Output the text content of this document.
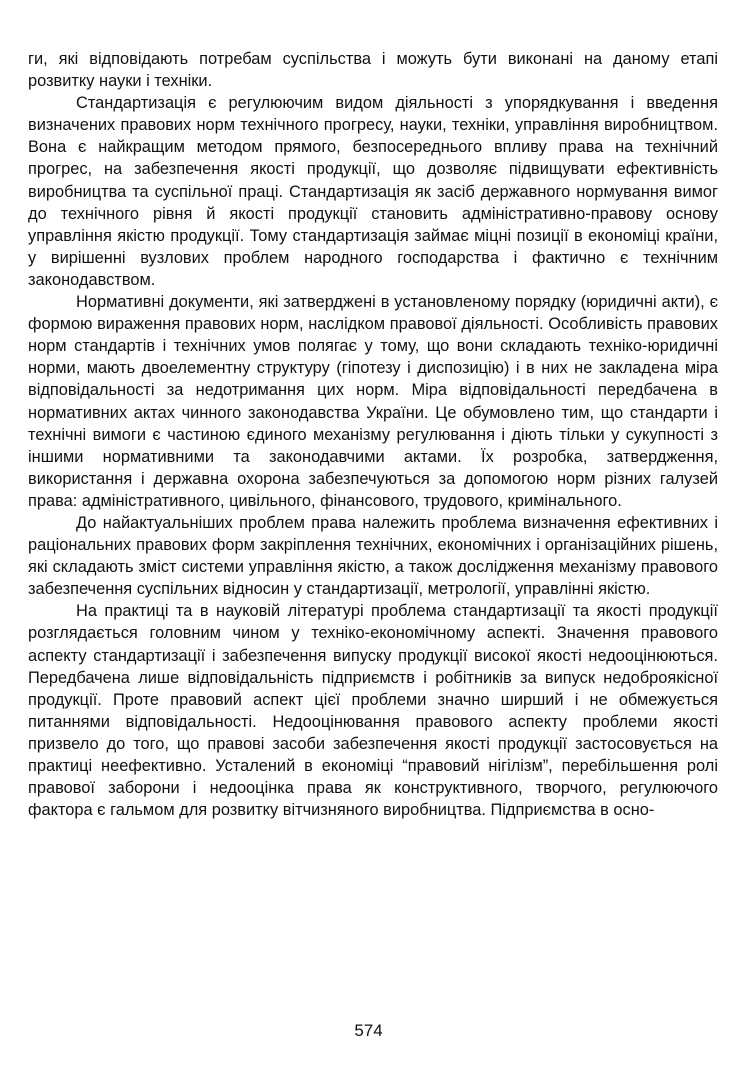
ги, які відповідають потребам суспільства і можуть бути виконані на даному етапі розвитку науки і техніки.

Стандартизація є регулюючим видом діяльності з упорядкування і введення визначених правових норм технічного прогресу, науки, техніки, управління виробництвом. Вона є найкращим методом прямого, безпосереднього впливу права на технічний прогрес, на забезпечення якості продукції, що дозволяє підвищувати ефективність виробництва та суспільної праці. Стандартизація як засіб державного нормування вимог до технічного рівня й якості продукції становить адміністративно-правову основу управління якістю продукції. Тому стандартизація займає міцні позиції в економіці країни, у вирішенні вузлових проблем народного господарства і фактично є технічним законодавством.

Нормативні документи, які затверджені в установленому порядку (юридичні акти), є формою вираження правових норм, наслідком правової діяльності. Особливість правових норм стандартів і технічних умов полягає у тому, що вони складають техніко-юридичні норми, мають двоелементну структуру (гіпотезу і диспозицію) і в них не закладена міра відповідальності за недотримання цих норм. Міра відповідальності передбачена в нормативних актах чинного законодавства України. Це обумовлено тим, що стандарти і технічні вимоги є частиною єдиного механізму регулювання і діють тільки у сукупності з іншими нормативними та законодавчими актами. Їх розробка, затвердження, використання і державна охорона забезпечуються за допомогою норм різних галузей права: адміністративного, цивільного, фінансового, трудового, кримінального.

До найактуальніших проблем права належить проблема визначення ефективних і раціональних правових форм закріплення технічних, економічних і організаційних рішень, які складають зміст системи управління якістю, а також дослідження механізму правового забезпечення суспільних відносин у стандартизації, метрології, управлінні якістю.

На практиці та в науковій літературі проблема стандартизації та якості продукції розглядається головним чином у техніко-економічному аспекті. Значення правового аспекту стандартизації і забезпечення випуску продукції високої якості недооцінюються. Передбачена лише відповідальність підприємств і робітників за випуск недоброякісної продукції. Проте правовий аспект цієї проблеми значно ширший і не обмежується питаннями відповідальності. Недооцінювання правового аспекту проблеми якості призвело до того, що правові засоби забезпечення якості продукції застосовується на практиці неефективно. Усталений в економіці “правовий нігілізм”, перебільшення ролі правової заборони і недооцінка права як конструктивного, творчого, регулюючого фактора є гальмом для розвитку вітчизняного виробництва. Підприємства в осно-

574
